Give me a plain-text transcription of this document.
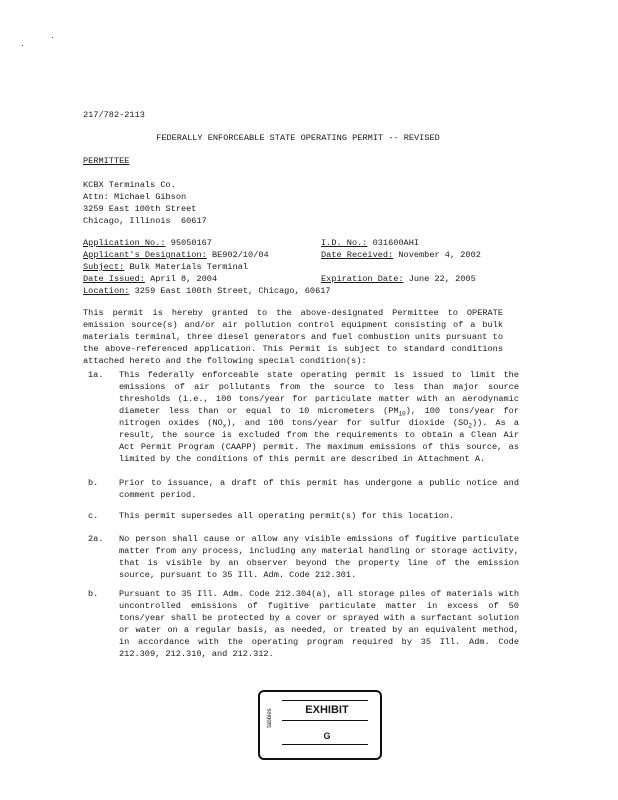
217/782-2113
FEDERALLY ENFORCEABLE STATE OPERATING PERMIT -- REVISED
PERMITTEE
KCBX Terminals Co.
Attn: Michael Gibson
3259 East 100th Street
Chicago, Illinois  60617
Application No.: 95050167	I.D. No.: 031600AHI
Applicant's Designation: BE902/10/04	Date Received: November 4, 2002
Subject: Bulk Materials Terminal
Date Issued: April 8, 2004	Expiration Date: June 22, 2005
Location: 3259 East 100th Street, Chicago, 60617
This permit is hereby granted to the above-designated Permittee to OPERATE emission source(s) and/or air pollution control equipment consisting of a bulk materials terminal, three diesel generators and fuel combustion units pursuant to the above-referenced application. This Permit is subject to standard conditions attached hereto and the following special condition(s):
1a. This federally enforceable state operating permit is issued to limit the emissions of air pollutants from the source to less than major source thresholds (i.e., 100 tons/year for particulate matter with an aerodynamic diameter less than or equal to 10 micrometers $(PM_{10})$, 100 tons/year for nitrogen oxides $(NO_x)$, and 100 tons/year for sulfur dioxide $(SO_2)$). As a result, the source is excluded from the requirements to obtain a Clean Air Act Permit Program (CAAPP) permit. The maximum emissions of this source, as limited by the conditions of this permit are described in Attachment A.
b. Prior to issuance, a draft of this permit has undergone a public notice and comment period.
c. This permit supersedes all operating permit(s) for this location.
2a. No person shall cause or allow any visible emissions of fugitive particulate matter from any process, including any material handling or storage activity, that is visible by an observer beyond the property line of the emission source, pursuant to 35 Ill. Adm. Code 212.301.
b. Pursuant to 35 Ill. Adm. Code 212.304(a), all storage piles of materials with uncontrolled emissions of fugitive particulate matter in excess of 50 tons/year shall be protected by a cover or sprayed with a surfactant solution or water on a regular basis, as needed, or treated by an equivalent method, in accordance with the operating program required by 35 Ill. Adm. Code 212.309, 212.310, and 212.312.
tabbies	EXHIBIT
G
